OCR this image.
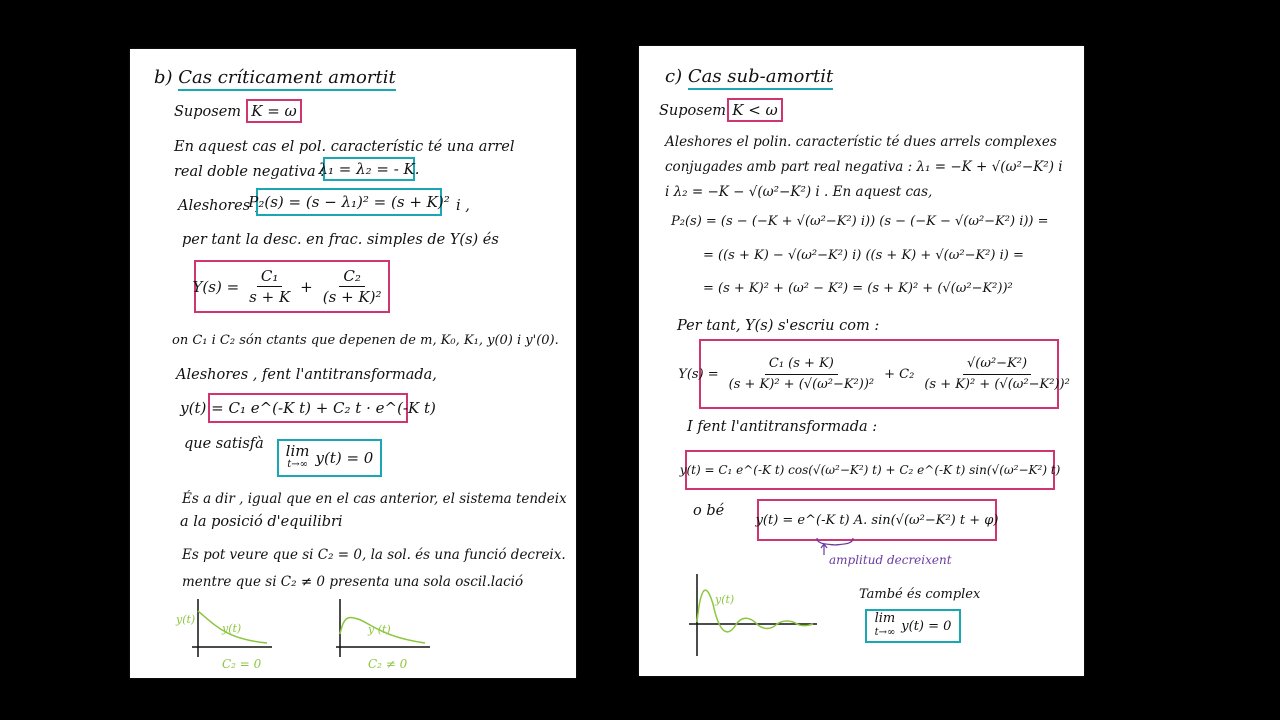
b) Cas críticament amortit
Suposem K = ω
En aquest cas el pol. característic té una arrel
real doble negativa :
λ₁ = λ₂ = - K.
Aleshores ,
P₂(s) = (s − λ₁)² = (s + K)² i ,
per tant la desc. en frac. simples de Y(s) és
$Y(s) = \frac{\text{C₁}}{s + K} + \frac{\text{C₂}}{\text{(s + K)²}}$
on C₁ i C₂ són ctants que depenen de m, K₀, K₁, y(0) i y'(0).
Aleshores , fent l'antitransformada,
y(t) = C₁ e^(-K t) + C₂ t · e^(-K t)
que satisfà lim
t→∞ y(t) = 0
És a dir , igual que en el cas anterior, el sistema tendeix
a la posició d'equilibri
Es pot veure que si C₂ = 0, la sol. és una funció decreix.
mentre que si C₂ ≠ 0 presenta una sola oscil.lació
y(t)
y(t)
C₂ = 0
y (t)
C₂ ≠ 0
c) Cas sub-amortit
Suposem K < ω
Aleshores el polin. característic té dues arrels complexes
conjugades amb part real negativa : λ₁ = −K + √(ω²−K²) i
i λ₂ = −K − √(ω²−K²) i . En aquest cas,
P₂(s) = (s − (−K + √(ω²−K²) i)) (s − (−K − √(ω²−K²) i)) =
= ((s + K) − √(ω²−K²) i) ((s + K) + √(ω²−K²) i) =
= (s + K)² + (ω² − K²) = (s + K)² + (√(ω²−K²))²
Per tant, Y(s) s'escriu com :
$Y(s) = \frac{\text{C₁ (s + K)}}{\text{(s + K)² + (√(ω²−K²))²}} + C_2 \frac{\text{√(ω²−K²)}}{\text{(s + K)² + (√(ω²−K²))²}}$
I fent l'antitransformada :
y(t) = C₁ e^(-K t) cos(√(ω²−K²) t) + C₂ e^(-K t) sin(√(ω²−K²) t)
o bé
y(t) = e^(-K t) A. sin(√(ω²−K²) t + φ)
amplitud decreixent
y(t)	També és complex
lim
t→∞ y(t) = 0
